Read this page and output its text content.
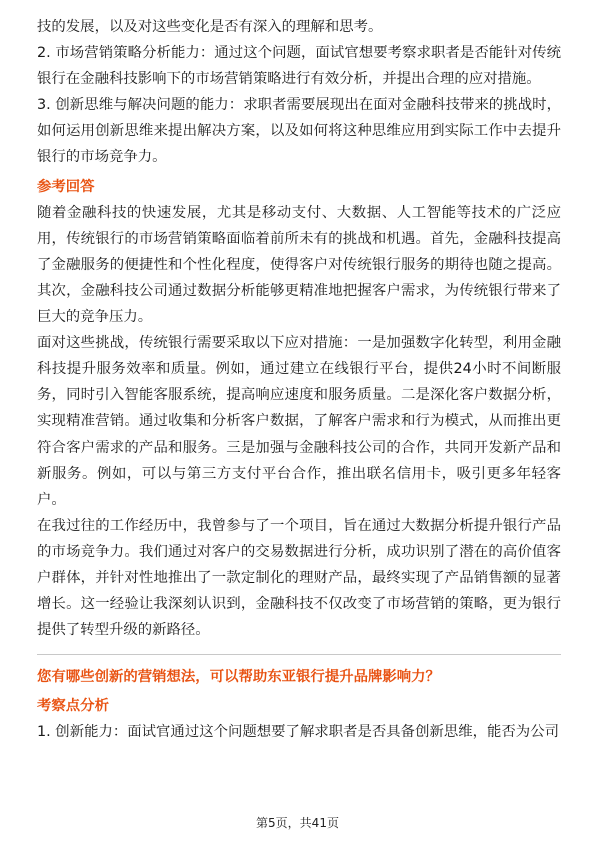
技的发展，以及对这些变化是否有深入的理解和思考。

2. 市场营销策略分析能力：通过这个问题，面试官想要考察求职者是否能针对传统银行在金融科技影响下的市场营销策略进行有效分析，并提出合理的应对措施。

3. 创新思维与解决问题的能力：求职者需要展现出在面对金融科技带来的挑战时，如何运用创新思维来提出解决方案，以及如何将这种思维应用到实际工作中去提升银行的市场竞争力。

参考回答

随着金融科技的快速发展，尤其是移动支付、大数据、人工智能等技术的广泛应用，传统银行的市场营销策略面临着前所未有的挑战和机遇。首先，金融科技提高了金融服务的便捷性和个性化程度，使得客户对传统银行服务的期待也随之提高。其次，金融科技公司通过数据分析能够更精准地把握客户需求，为传统银行带来了巨大的竞争压力。

面对这些挑战，传统银行需要采取以下应对措施：一是加强数字化转型，利用金融科技提升服务效率和质量。例如，通过建立在线银行平台，提供24小时不间断服务，同时引入智能客服系统，提高响应速度和服务质量。二是深化客户数据分析，实现精准营销。通过收集和分析客户数据，了解客户需求和行为模式，从而推出更符合客户需求的产品和服务。三是加强与金融科技公司的合作，共同开发新产品和新服务。例如，可以与第三方支付平台合作，推出联名信用卡，吸引更多年轻客户。

在我过往的工作经历中，我曾参与了一个项目，旨在通过大数据分析提升银行产品的市场竞争力。我们通过对客户的交易数据进行分析，成功识别了潜在的高价值客户群体，并针对性地推出了一款定制化的理财产品，最终实现了产品销售额的显著增长。这一经验让我深刻认识到，金融科技不仅改变了市场营销的策略，更为银行提供了转型升级的新路径。

您有哪些创新的营销想法，可以帮助东亚银行提升品牌影响力？

考察点分析

1. 创新能力：面试官通过这个问题想要了解求职者是否具备创新思维，能否为公司

第5页，共41页
